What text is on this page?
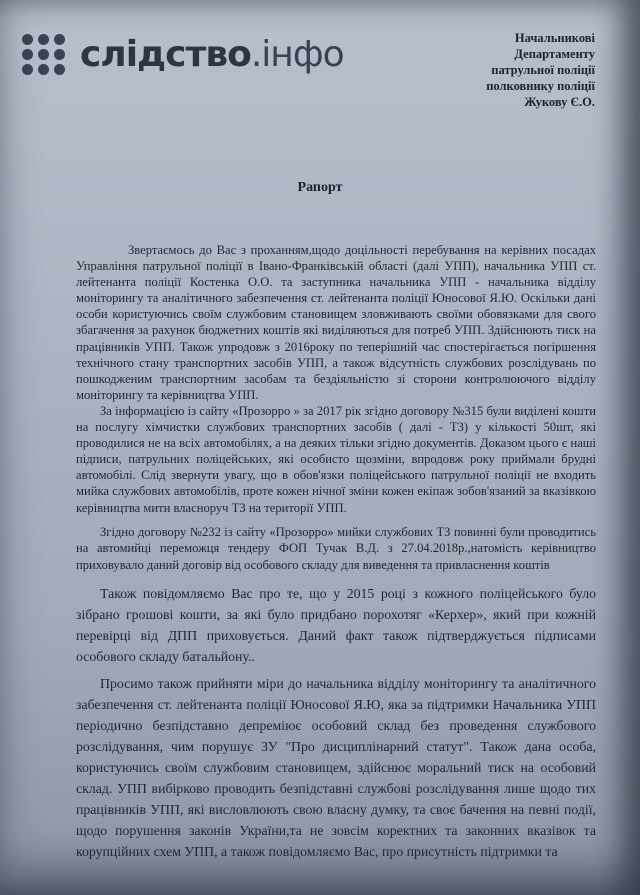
слідство.інфо	Начальникові
Департаменту
патрульної поліції
полковнику поліції
Жукову Є.О.
Рапорт

Звертаємось до Вас з проханням,щодо доцільності перебування на керівних посадах Управління патрульної поліції в Івано-Франківській області (далі УПП), начальника УПП ст. лейтенанта поліції Костенка О.О. та заступника начальника УПП - начальника відділу моніторингу та аналітичного забезпечення ст. лейтенанта поліції Юносової Я.Ю. Оскільки дані особи користуючись своїм службовим становищем зловживають своїми обовязками для свого збагачення за рахунок бюджетних коштів які виділяються для потреб УПП. Здійснюють тиск на працівників УПП. Також упродовж з 2016року по теперішній час спостерігається погіршення технічного стану транспортних засобів УПП, а також відсутність службових розслідувань по пошкодженим транспортним засобам та бездіяльністю зі сторони контролюючого відділу моніторингу та керівництва УПП.

За інформацією із сайту «Прозорро » за 2017 рік згідно договору №315 були виділені кошти на послугу хімчистки службових транспортних засобів ( далі - ТЗ) у кількості 50шт, які проводилися не на всіх автомобілях, а на деяких тільки згідно документів. Доказом цього є наші підписи, патрульних поліцейських, які особисто щозміни, впродовж року приймали брудні автомобілі. Слід звернути увагу, що в обов'язки поліцейського патрульної поліції не входить мийка службових автомобілів, проте кожен нічної зміни кожен екіпаж зобов'язаний за вказівкою керівництва мити власноруч ТЗ на території УПП.

Згідно договору №232 із сайту «Прозорро» мийки службових ТЗ повинні були проводитись на автомийці переможця тендеру ФОП Тучак В.Д. з 27.04.2018р.,натомість керівництво приховувало даний договір від особового складу для виведення та привласнення коштів

Також повідомляємо Вас про те, що у 2015 році з кожного поліцейського було зібрано грошові кошти, за які було придбано порохотяг «Керхер», який при кожній перевірці від ДПП приховується. Даний факт також підтверджується підписами особового складу батальйону..

Просимо також прийняти міри до начальника відділу моніторингу та аналітичного забезпечення ст. лейтенанта поліції Юносової Я.Ю, яка за підтримки Начальника УПП періодично безпідставно депреміює особовий склад без проведення службового розслідування, чим порушує ЗУ "Про дисциплінарний статут". Також дана особа, користуючись своїм службовим становищем, здійснює моральний тиск на особовий склад. УПП вибірково проводить безпідставні службові розслідування лише щодо тих працівників УПП, які висловлюють свою власну думку, та своє бачення на певні події, щодо порушення законів України,та не зовсім коректних та законних вказівок та корупційних схем УПП, а також повідомляємо Вас, про присутність підтримки та
